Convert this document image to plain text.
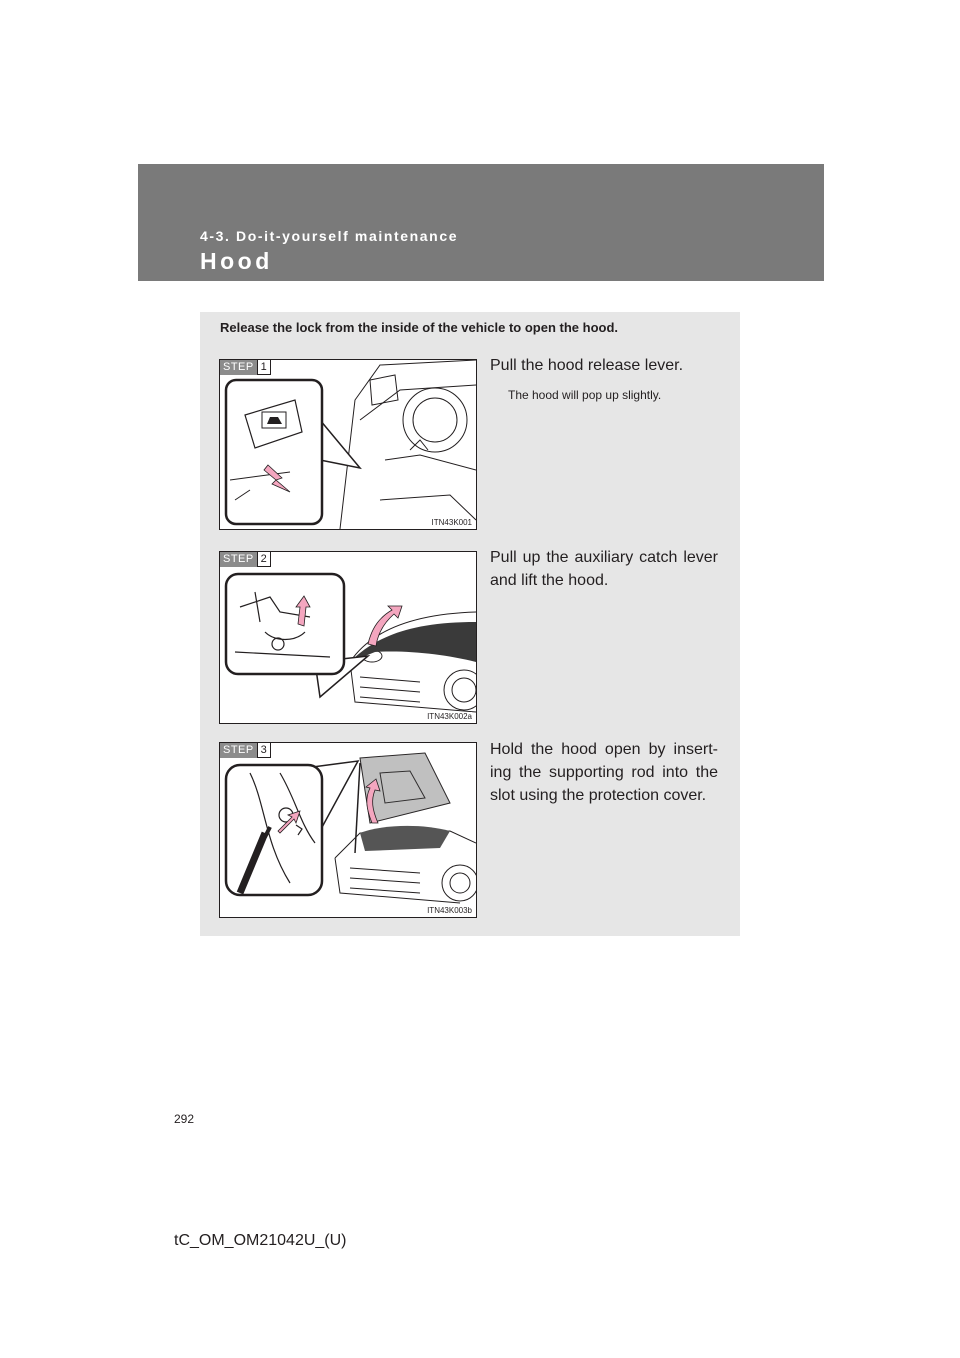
4-3. Do-it-yourself maintenance
Hood
Release the lock from the inside of the vehicle to open the hood.
STEP 1
ITN43K001
Pull the hood release lever.
The hood will pop up slightly.
STEP 2
ITN43K002a
Pull up the auxiliary catch lever and lift the hood.
STEP 3
ITN43K003b
Hold the hood open by insert-ing the supporting rod into the slot using the protection cover.
292
tC_OM_OM21042U_(U)
